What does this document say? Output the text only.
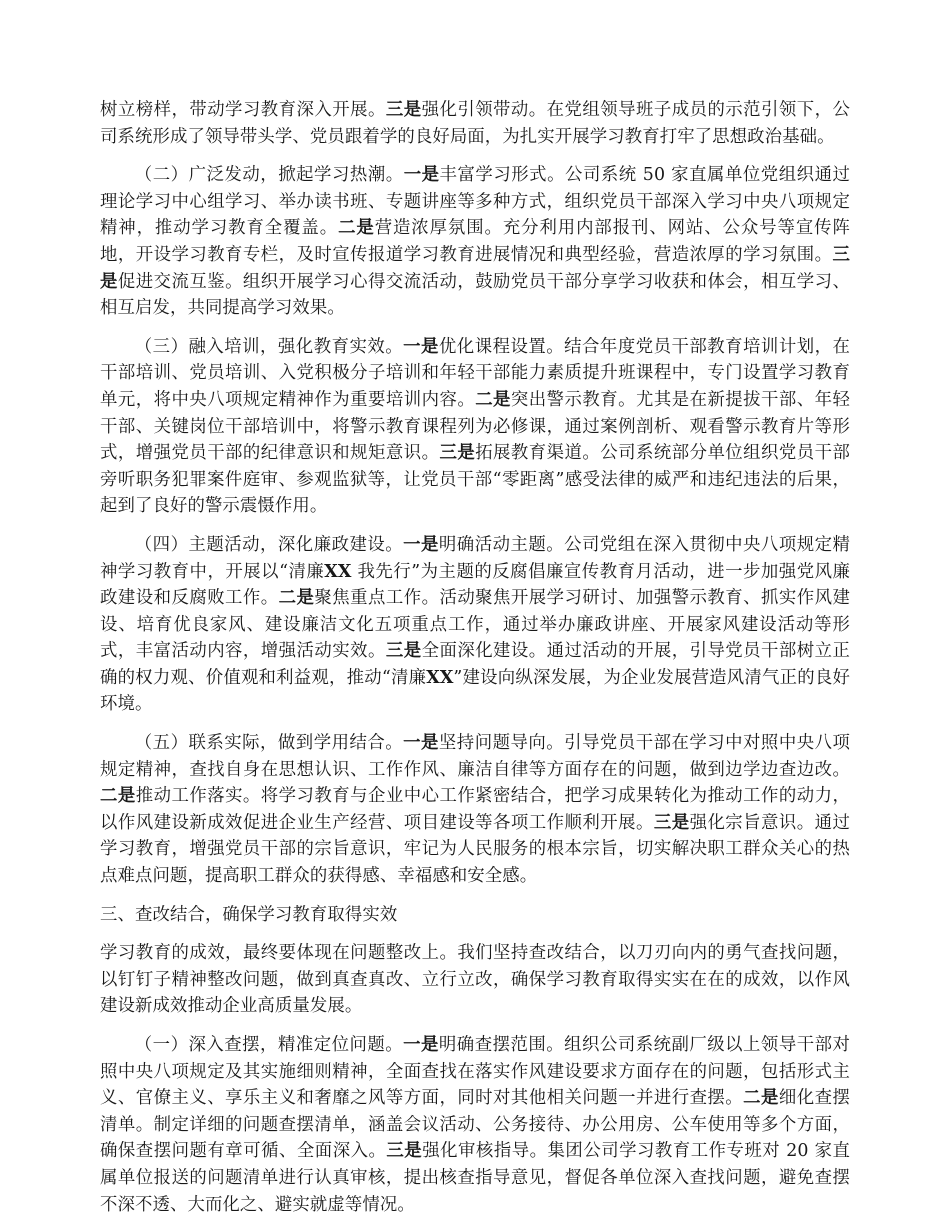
树立榜样，带动学习教育深入开展。三是强化引领带动。在党组领导班子成员的示范引领下，公司系统形成了领导带头学、党员跟着学的良好局面，为扎实开展学习教育打牢了思想政治基础。

（二）广泛发动，掀起学习热潮。一是丰富学习形式。公司系统 50 家直属单位党组织通过理论学习中心组学习、举办读书班、专题讲座等多种方式，组织党员干部深入学习中央八项规定精神，推动学习教育全覆盖。二是营造浓厚氛围。充分利用内部报刊、网站、公众号等宣传阵地，开设学习教育专栏，及时宣传报道学习教育进展情况和典型经验，营造浓厚的学习氛围。三是促进交流互鉴。组织开展学习心得交流活动，鼓励党员干部分享学习收获和体会，相互学习、相互启发，共同提高学习效果。

（三）融入培训，强化教育实效。一是优化课程设置。结合年度党员干部教育培训计划，在干部培训、党员培训、入党积极分子培训和年轻干部能力素质提升班课程中，专门设置学习教育单元，将中央八项规定精神作为重要培训内容。二是突出警示教育。尤其是在新提拔干部、年轻干部、关键岗位干部培训中，将警示教育课程列为必修课，通过案例剖析、观看警示教育片等形式，增强党员干部的纪律意识和规矩意识。三是拓展教育渠道。公司系统部分单位组织党员干部旁听职务犯罪案件庭审、参观监狱等，让党员干部“零距离”感受法律的威严和违纪违法的后果，起到了良好的警示震慑作用。

（四）主题活动，深化廉政建设。一是明确活动主题。公司党组在深入贯彻中央八项规定精神学习教育中，开展以“清廉XX 我先行”为主题的反腐倡廉宣传教育月活动，进一步加强党风廉政建设和反腐败工作。二是聚焦重点工作。活动聚焦开展学习研讨、加强警示教育、抓实作风建设、培育优良家风、建设廉洁文化五项重点工作，通过举办廉政讲座、开展家风建设活动等形式，丰富活动内容，增强活动实效。三是全面深化建设。通过活动的开展，引导党员干部树立正确的权力观、价值观和利益观，推动“清廉XX”建设向纵深发展，为企业发展营造风清气正的良好环境。

（五）联系实际，做到学用结合。一是坚持问题导向。引导党员干部在学习中对照中央八项规定精神，查找自身在思想认识、工作作风、廉洁自律等方面存在的问题，做到边学边查边改。二是推动工作落实。将学习教育与企业中心工作紧密结合，把学习成果转化为推动工作的动力，以作风建设新成效促进企业生产经营、项目建设等各项工作顺利开展。三是强化宗旨意识。通过学习教育，增强党员干部的宗旨意识，牢记为人民服务的根本宗旨，切实解决职工群众关心的热点难点问题，提高职工群众的获得感、幸福感和安全感。

三、查改结合，确保学习教育取得实效

学习教育的成效，最终要体现在问题整改上。我们坚持查改结合，以刀刃向内的勇气查找问题，以钉钉子精神整改问题，做到真查真改、立行立改，确保学习教育取得实实在在的成效，以作风建设新成效推动企业高质量发展。

（一）深入查摆，精准定位问题。一是明确查摆范围。组织公司系统副厂级以上领导干部对照中央八项规定及其实施细则精神，全面查找在落实作风建设要求方面存在的问题，包括形式主义、官僚主义、享乐主义和奢靡之风等方面，同时对其他相关问题一并进行查摆。二是细化查摆清单。制定详细的问题查摆清单，涵盖会议活动、公务接待、办公用房、公车使用等多个方面，确保查摆问题有章可循、全面深入。三是强化审核指导。集团公司学习教育工作专班对 20 家直属单位报送的问题清单进行认真审核，提出核查指导意见，督促各单位深入查找问题，避免查摆不深不透、大而化之、避实就虚等情况。
